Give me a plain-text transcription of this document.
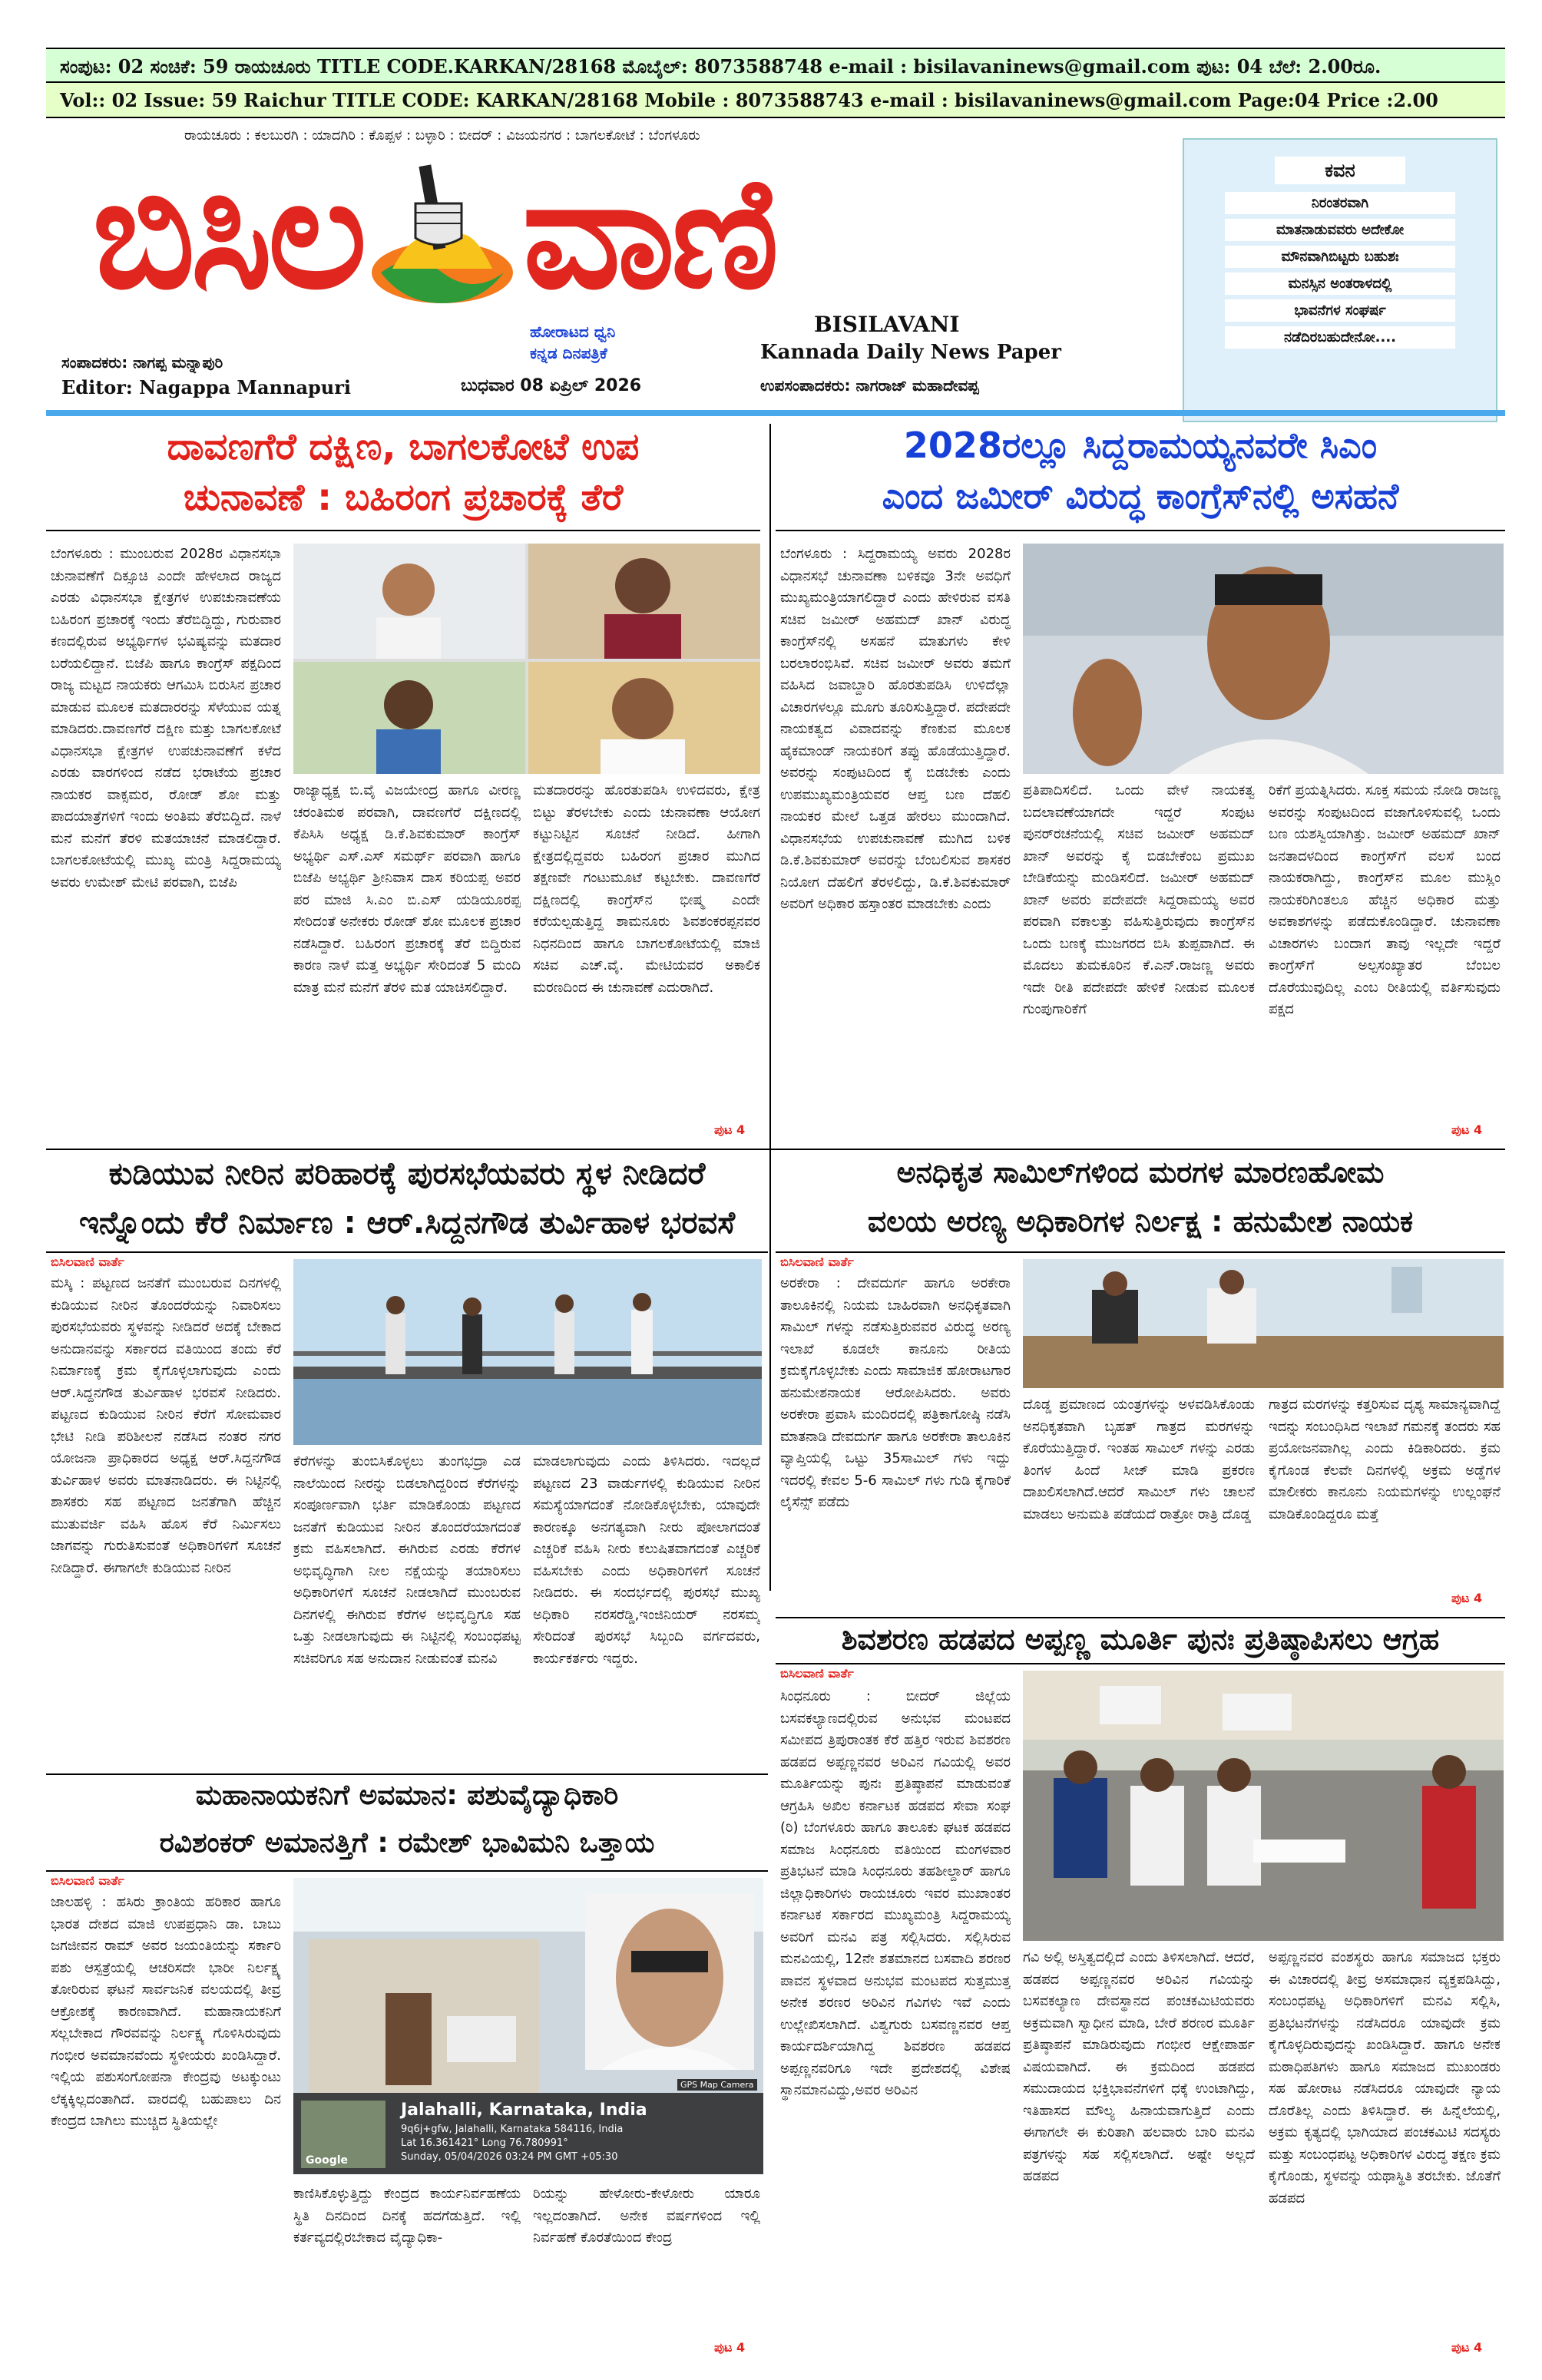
ಸಂಪುಟ: 02 ಸಂಚಿಕೆ: 59 ರಾಯಚೂರು TITLE CODE.KARKAN/28168 ಮೊಬೈಲ್: 8073588748 e-mail : bisilavaninews@gmail.com ಪುಟ: 04 ಬೆಲೆ: 2.00ರೂ.
Vol:: 02 Issue: 59 Raichur TITLE CODE: KARKAN/28168 Mobile : 8073588743 e-mail : bisilavaninews@gmail.com Page:04 Price :2.00
ರಾಯಚೂರು : ಕಲಬುರಗಿ : ಯಾದಗಿರಿ : ಕೊಪ್ಪಳ : ಬಳ್ಳಾರಿ : ಬೀದರ್ : ವಿಜಯನಗರ : ಬಾಗಲಕೋಟೆ : ಬೆಂಗಳೂರು
ಬಿಸಿಲ ವಾಣಿ
ಹೋರಾಟದ ಧ್ವನಿ
ಕನ್ನಡ ದಿನಪತ್ರಿಕೆ
BISILAVANI
Kannada Daily News Paper
ಸಂಪಾದಕರು: ನಾಗಪ್ಪ ಮನ್ನಾಪುರಿ
Editor: Nagappa Mannapuri	ಬುಧವಾರ 08 ಏಪ್ರಿಲ್ 2026	ಉಪಸಂಪಾದಕರು: ನಾಗರಾಜ್ ಮಹಾದೇವಪ್ಪ
ಕವನ
ನಿರಂತರವಾಗಿ
ಮಾತನಾಡುವವರು ಅದೇಕೋ
ಮೌನವಾಗಿಬಿಟ್ಟರು ಬಹುಶಃ
ಮನಸ್ಸಿನ ಅಂತರಾಳದಲ್ಲಿ
ಭಾವನೆಗಳ ಸಂಘರ್ಷ
ನಡೆದಿರಬಹುದೇನೋ....
ದಾವಣಗೆರೆ ದಕ್ಷಿಣ, ಬಾಗಲಕೋಟೆ ಉಪ
ಚುನಾವಣೆ : ಬಹಿರಂಗ ಪ್ರಚಾರಕ್ಕೆ ತೆರೆ
ಬೆಂಗಳೂರು : ಮುಂಬರುವ 2028ರ ವಿಧಾನಸಭಾ ಚುನಾವಣೆಗೆ ದಿಕ್ಸೂಚಿ ಎಂದೇ ಹೇಳಲಾದ ರಾಜ್ಯದ ಎರಡು ವಿಧಾನಸಭಾ ಕ್ಷೇತ್ರಗಳ ಉಪಚುನಾವಣೆಯ ಬಹಿರಂಗ ಪ್ರಚಾರಕ್ಕೆ ಇಂದು ತೆರೆಬಿದ್ದಿದ್ದು, ಗುರುವಾರ ಕಣದಲ್ಲಿರುವ ಅಭ್ಯರ್ಥಿಗಳ ಭವಿಷ್ಯವನ್ನು ಮತದಾರ ಬರೆಯಲಿದ್ದಾನೆ. ಬಿಜೆಪಿ ಹಾಗೂ ಕಾಂಗ್ರೆಸ್ ಪಕ್ಷದಿಂದ ರಾಜ್ಯ ಮಟ್ಟದ ನಾಯಕರು ಆಗಮಿಸಿ ಬಿರುಸಿನ ಪ್ರಚಾರ ಮಾಡುವ ಮೂಲಕ ಮತದಾರರನ್ನು ಸೆಳೆಯುವ ಯತ್ನ ಮಾಡಿದರು.ದಾವಣಗೆರೆ ದಕ್ಷಿಣ ಮತ್ತು ಬಾಗಲಕೋಟೆ ವಿಧಾನಸಭಾ ಕ್ಷೇತ್ರಗಳ ಉಪಚುನಾವಣೆಗೆ ಕಳೆದ ಎರಡು ವಾರಗಳಿಂದ ನಡೆದ ಭರಾಟೆಯ ಪ್ರಚಾರ ನಾಯಕರ ವಾಕ್ಸಮರ, ರೋಡ್ ಶೋ ಮತ್ತು ಪಾದಯಾತ್ರೆಗಳಿಗೆ ಇಂದು ಅಂತಿಮ ತೆರೆಬಿದ್ದಿದೆ. ನಾಳೆ ಮನೆ ಮನೆಗೆ ತೆರಳಿ ಮತಯಾಚನೆ ಮಾಡಲಿದ್ದಾರೆ. ಬಾಗಲಕೋಟೆಯಲ್ಲಿ ಮುಖ್ಯ ಮಂತ್ರಿ ಸಿದ್ದರಾಮಯ್ಯ ಅವರು ಉಮೇಶ್ ಮೇಟಿ ಪರವಾಗಿ, ಬಿಜೆಪಿ
ರಾಜ್ಯಾಧ್ಯಕ್ಷ ಬಿ.ವೈ ವಿಜಯೇಂದ್ರ ಹಾಗೂ ವೀರಣ್ಣ ಚರಂತಿಮಠ ಪರವಾಗಿ, ದಾವಣಗೆರೆ ದಕ್ಷಿಣದಲ್ಲಿ ಕೆಪಿಸಿಸಿ ಅಧ್ಯಕ್ಷ ಡಿ.ಕೆ.ಶಿವಕುಮಾರ್ ಕಾಂಗ್ರೆಸ್ ಅಭ್ಯರ್ಥಿ ಎಸ್.ಎಸ್ ಸಮರ್ಥ್ ಪರವಾಗಿ ಹಾಗೂ ಬಿಜೆಪಿ ಅಭ್ಯರ್ಥಿ ಶ್ರೀನಿವಾಸ ದಾಸ ಕರಿಯಪ್ಪ ಅವರ ಪರ ಮಾಜಿ ಸಿ.ಎಂ ಬಿ.ಎಸ್ ಯಡಿಯೂರಪ್ಪ ಸೇರಿದಂತೆ ಅನೇಕರು ರೋಡ್ ಶೋ ಮೂಲಕ ಪ್ರಚಾರ ನಡೆಸಿದ್ದಾರೆ. ಬಹಿರಂಗ ಪ್ರಚಾರಕ್ಕೆ ತೆರೆ ಬಿದ್ದಿರುವ ಕಾರಣ ನಾಳೆ ಮತ್ತ ಅಭ್ಯರ್ಥಿ ಸೇರಿದಂತೆ 5 ಮಂದಿ ಮಾತ್ರ ಮನೆ ಮನೆಗೆ ತೆರಳಿ ಮತ ಯಾಚಿಸಲಿದ್ದಾರೆ.
ಮತದಾರರನ್ನು ಹೊರತುಪಡಿಸಿ ಉಳಿದವರು, ಕ್ಷೇತ್ರ ಬಿಟ್ಟು ತೆರಳಬೇಕು ಎಂದು ಚುನಾವಣಾ ಆಯೋಗ ಕಟ್ಟುನಿಟ್ಟಿನ ಸೂಚನೆ ನೀಡಿದೆ. ಹೀಗಾಗಿ ಕ್ಷೇತ್ರದಲ್ಲಿದ್ದವರು ಬಹಿರಂಗ ಪ್ರಚಾರ ಮುಗಿದ ತಕ್ಷಣವೇ ಗಂಟುಮೂಟೆ ಕಟ್ಟಬೇಕು. ದಾವಣಗೆರೆ ದಕ್ಷಿಣದಲ್ಲಿ ಕಾಂಗ್ರೆಸ್‌ನ ಭೀಷ್ಮ ಎಂದೇ ಕರೆಯಲ್ಪಡುತ್ತಿದ್ದ ಶಾಮನೂರು ಶಿವಶಂಕರಪ್ಪನವರ ನಿಧನದಿಂದ ಹಾಗೂ ಬಾಗಲಕೋಟೆಯಲ್ಲಿ ಮಾಜಿ ಸಚಿವ ಎಚ್.ವೈ. ಮೇಟಿಯವರ ಅಕಾಲಿಕ ಮರಣದಿಂದ ಈ ಚುನಾವಣೆ ಎದುರಾಗಿದೆ.
ಪುಟ 4
2028ರಲ್ಲೂ ಸಿದ್ದರಾಮಯ್ಯನವರೇ ಸಿಎಂ
ಎಂದ ಜಮೀರ್ ವಿರುದ್ಧ ಕಾಂಗ್ರೆಸ್‌ನಲ್ಲಿ ಅಸಹನೆ
ಬೆಂಗಳೂರು : ಸಿದ್ದರಾಮಯ್ಯ ಅವರು 2028ರ ವಿಧಾನಸಭೆ ಚುನಾವಣಾ ಬಳಿಕವೂ 3ನೇ ಅವಧಿಗೆ ಮುಖ್ಯಮಂತ್ರಿಯಾಗಲಿದ್ದಾರೆ ಎಂದು ಹೇಳಿರುವ ವಸತಿ ಸಚಿವ ಜಮೀರ್ ಅಹಮದ್ ಖಾನ್ ವಿರುದ್ಧ ಕಾಂಗ್ರೆಸ್‌ನಲ್ಲಿ ಅಸಹನೆ ಮಾತುಗಳು ಕೇಳಿ ಬರಲಾರಂಭಿಸಿವೆ. ಸಚಿವ ಜಮೀರ್ ಅವರು ತಮಗೆ ವಹಿಸಿದ ಜವಾಬ್ದಾರಿ ಹೊರತುಪಡಿಸಿ ಉಳಿದೆಲ್ಲಾ ವಿಚಾರಗಳಲ್ಲೂ ಮೂಗು ತೂರಿಸುತ್ತಿದ್ದಾರೆ. ಪದೇಪದೇ ನಾಯಕತ್ವದ ವಿವಾದವನ್ನು ಕೆಣಕುವ ಮೂಲಕ ಹೈಕಮಾಂಡ್ ನಾಯಕರಿಗೆ ತಪ್ಪು ಹೊಡೆಯುತ್ತಿದ್ದಾರೆ. ಅವರನ್ನು ಸಂಪುಟದಿಂದ ಕೈ ಬಿಡಬೇಕು ಎಂದು ಉಪಮುಖ್ಯಮಂತ್ರಿಯವರ ಆಪ್ತ ಬಣ ದೆಹಲಿ ನಾಯಕರ ಮೇಲೆ ಒತ್ತಡ ಹೇರಲು ಮುಂದಾಗಿದೆ. ವಿಧಾನಸಭೆಯ ಉಪಚುನಾವಣೆ ಮುಗಿದ ಬಳಿಕ ಡಿ.ಕೆ.ಶಿವಕುಮಾರ್ ಅವರನ್ನು ಬೆಂಬಲಿಸುವ ಶಾಸಕರ ನಿಯೋಗ ದೆಹಲಿಗೆ ತೆರಳಲಿದ್ದು, ಡಿ.ಕೆ.ಶಿವಕುಮಾರ್ ಅವರಿಗೆ ಅಧಿಕಾರ ಹಸ್ತಾಂತರ ಮಾಡಬೇಕು ಎಂದು
ಪ್ರತಿಪಾದಿಸಲಿದೆ. ಒಂದು ವೇಳೆ ನಾಯಕತ್ವ ಬದಲಾವಣೆಯಾಗದೇ ಇದ್ದರೆ ಸಂಪುಟ ಪುನರ್‌ರಚನೆಯಲ್ಲಿ ಸಚಿವ ಜಮೀರ್ ಅಹಮದ್ ಖಾನ್ ಅವರನ್ನು ಕೈ ಬಿಡಬೇಕೆಂಬ ಪ್ರಮುಖ ಬೇಡಿಕೆಯನ್ನು ಮಂಡಿಸಲಿದೆ. ಜಮೀರ್ ಅಹಮದ್ ಖಾನ್ ಅವರು ಪದೇಪದೇ ಸಿದ್ದರಾಮಯ್ಯ ಅವರ ಪರವಾಗಿ ವಕಾಲತ್ತು ವಹಿಸುತ್ತಿರುವುದು ಕಾಂಗ್ರೆಸ್‌ನ ಒಂದು ಬಣಕ್ಕೆ ಮುಜಗರದ ಬಿಸಿ ತುಪ್ಪವಾಗಿದೆ. ಈ ಮೊದಲು ತುಮಕೂರಿನ ಕೆ.ಎನ್.ರಾಜಣ್ಣ ಅವರು ಇದೇ ರೀತಿ ಪದೇಪದೇ ಹೇಳಿಕೆ ನೀಡುವ ಮೂಲಕ ಗುಂಪುಗಾರಿಕೆಗೆ
ರಿಕೆಗೆ ಪ್ರಯತ್ನಿಸಿದರು. ಸೂಕ್ತ ಸಮಯ ನೋಡಿ ರಾಜಣ್ಣ ಅವರನ್ನು ಸಂಪುಟದಿಂದ ವಜಾಗೊಳಿಸುವಲ್ಲಿ ಒಂದು ಬಣ ಯಶಸ್ವಿಯಾಗಿತ್ತು. ಜಮೀರ್ ಅಹಮದ್ ಖಾನ್ ಜನತಾದಳದಿಂದ ಕಾಂಗ್ರೆಸ್‌ಗೆ ವಲಸೆ ಬಂದ ನಾಯಕರಾಗಿದ್ದು, ಕಾಂಗ್ರೆಸ್‌ನ ಮೂಲ ಮುಸ್ಲಿಂ ನಾಯಕರಿಗಿಂತಲೂ ಹೆಚ್ಚಿನ ಅಧಿಕಾರ ಮತ್ತು ಅವಕಾಶಗಳನ್ನು ಪಡೆದುಕೊಂಡಿದ್ದಾರೆ. ಚುನಾವಣಾ ವಿಚಾರಗಳು ಬಂದಾಗ ತಾವು ಇಲ್ಲದೇ ಇದ್ದರೆ ಕಾಂಗ್ರೆಸ್‌ಗೆ ಅಲ್ಪಸಂಖ್ಯಾತರ ಬೆಂಬಲ ದೊರೆಯುವುದಿಲ್ಲ ಎಂಬ ರೀತಿಯಲ್ಲಿ ವರ್ತಿಸುವುದು ಪಕ್ಷದ
ಪುಟ 4
ಕುಡಿಯುವ ನೀರಿನ ಪರಿಹಾರಕ್ಕೆ ಪುರಸಭೆಯವರು ಸ್ಥಳ ನೀಡಿದರೆ
ಇನ್ನೊಂದು ಕೆರೆ ನಿರ್ಮಾಣ : ಆರ್.ಸಿದ್ದನಗೌಡ ತುರ್ವಿಹಾಳ ಭರವಸೆ
ಬಿಸಿಲವಾಣಿ ವಾರ್ತೆ
ಮಸ್ಕಿ : ಪಟ್ಟಣದ ಜನತೆಗೆ ಮುಂಬರುವ ದಿನಗಳಲ್ಲಿ ಕುಡಿಯುವ ನೀರಿನ ತೊಂದರೆಯನ್ನು ನಿವಾರಿಸಲು ಪುರಸಭೆಯವರು ಸ್ಥಳವನ್ನು ನೀಡಿದರೆ ಅದಕ್ಕೆ ಬೇಕಾದ ಅನುದಾನವನ್ನು ಸರ್ಕಾರದ ವತಿಯಿಂದ ತಂದು ಕೆರೆ ನಿರ್ಮಾಣಕ್ಕೆ ಕ್ರಮ ಕೈಗೊಳ್ಳಲಾಗುವುದು ಎಂದು ಆರ್.ಸಿದ್ದನಗೌಡ ತುರ್ವಿಹಾಳ ಭರವಸೆ ನೀಡಿದರು. ಪಟ್ಟಣದ ಕುಡಿಯುವ ನೀರಿನ ಕೆರೆಗೆ ಸೋಮವಾರ ಭೇಟಿ ನೀಡಿ ಪರಿಶೀಲನೆ ನಡೆಸಿದ ನಂತರ ನಗರ ಯೋಜನಾ ಪ್ರಾಧಿಕಾರದ ಅಧ್ಯಕ್ಷ ಆರ್.ಸಿದ್ದನಗೌಡ ತುರ್ವಿಹಾಳ ಅವರು ಮಾತನಾಡಿದರು. ಈ ನಿಟ್ಟಿನಲ್ಲಿ ಶಾಸಕರು ಸಹ ಪಟ್ಟಣದ ಜನತೆಗಾಗಿ ಹೆಚ್ಚಿನ ಮುತುವರ್ಜಿ ವಹಿಸಿ ಹೊಸ ಕೆರೆ ನಿರ್ಮಿಸಲು ಜಾಗವನ್ನು ಗುರುತಿಸುವಂತೆ ಅಧಿಕಾರಿಗಳಿಗೆ ಸೂಚನೆ ನೀಡಿದ್ದಾರೆ. ಈಗಾಗಲೇ ಕುಡಿಯುವ ನೀರಿನ
ಕೆರೆಗಳನ್ನು ತುಂಬಿಸಿಕೊಳ್ಳಲು ತುಂಗಭದ್ರಾ ಎಡ ನಾಲೆಯಿಂದ ನೀರನ್ನು ಬಿಡಲಾಗಿದ್ದರಿಂದ ಕೆರೆಗಳನ್ನು ಸಂಪೂರ್ಣವಾಗಿ ಭರ್ತಿ ಮಾಡಿಕೊಂಡು ಪಟ್ಟಣದ ಜನತೆಗೆ ಕುಡಿಯುವ ನೀರಿನ ತೊಂದರೆಯಾಗದಂತೆ ಕ್ರಮ ವಹಿಸಲಾಗಿದೆ. ಈಗಿರುವ ಎರಡು ಕೆರೆಗಳ ಅಭಿವೃದ್ಧಿಗಾಗಿ ನೀಲ ನಕ್ಷೆಯನ್ನು ತಯಾರಿಸಲು ಅಧಿಕಾರಿಗಳಿಗೆ ಸೂಚನೆ ನೀಡಲಾಗಿದೆ ಮುಂಬರುವ ದಿನಗಳಲ್ಲಿ ಈಗಿರುವ ಕೆರೆಗಳ ಅಭಿವೃದ್ಧಿಗೂ ಸಹ ಒತ್ತು ನೀಡಲಾಗುವುದು ಈ ನಿಟ್ಟಿನಲ್ಲಿ ಸಂಬಂಧಪಟ್ಟ ಸಚಿವರಿಗೂ ಸಹ ಅನುದಾನ ನೀಡುವಂತೆ ಮನವಿ
ಮಾಡಲಾಗುವುದು ಎಂದು ತಿಳಿಸಿದರು. ಇದಲ್ಲದೆ ಪಟ್ಟಣದ 23 ವಾರ್ಡುಗಳಲ್ಲಿ ಕುಡಿಯುವ ನೀರಿನ ಸಮಸ್ಯೆಯಾಗದಂತೆ ನೋಡಿಕೊಳ್ಳಬೇಕು, ಯಾವುದೇ ಕಾರಣಕ್ಕೂ ಅನಗತ್ಯವಾಗಿ ನೀರು ಪೋಲಾಗದಂತೆ ಎಚ್ಚರಿಕೆ ವಹಿಸಿ ನೀರು ಕಲುಷಿತವಾಗದಂತೆ ಎಚ್ಚರಿಕೆ ವಹಿಸಬೇಕು ಎಂದು ಅಧಿಕಾರಿಗಳಿಗೆ ಸೂಚನೆ ನೀಡಿದರು. ಈ ಸಂದರ್ಭದಲ್ಲಿ ಪುರಸಭೆ ಮುಖ್ಯ ಅಧಿಕಾರಿ ನರಸರೆಡ್ಡಿ,ಇಂಜಿನಿಯರ್ ನರಸಮ್ಮ ಸೇರಿದಂತೆ ಪುರಸಭೆ ಸಿಬ್ಬಂದಿ ವರ್ಗದವರು, ಕಾರ್ಯಕರ್ತರು ಇದ್ದರು.
ಅನಧಿಕೃತ ಸಾಮಿಲ್‌ಗಳಿಂದ ಮರಗಳ ಮಾರಣಹೋಮ
ವಲಯ ಅರಣ್ಯ ಅಧಿಕಾರಿಗಳ ನಿರ್ಲಕ್ಷ : ಹನುಮೇಶ ನಾಯಕ
ಬಿಸಿಲವಾಣಿ ವಾರ್ತೆ
ಅರಕೇರಾ : ದೇವದುರ್ಗ ಹಾಗೂ ಅರಕೇರಾ ತಾಲೂಕಿನಲ್ಲಿ ನಿಯಮ ಬಾಹಿರವಾಗಿ ಅನಧಿಕೃತವಾಗಿ ಸಾಮಿಲ್ ಗಳನ್ನು ನಡೆಸುತ್ತಿರುವವರ ವಿರುದ್ಧ ಅರಣ್ಯ ಇಲಾಖೆ ಕೂಡಲೇ ಕಾನೂನು ರೀತಿಯ ಕ್ರಮಕೈಗೊಳ್ಳಬೇಕು ಎಂದು ಸಾಮಾಜಿಕ ಹೋರಾಟಗಾರ ಹನುಮೇಶನಾಯಕ ಆರೋಪಿಸಿದರು. ಅವರು ಅರಕೇರಾ ಪ್ರವಾಸಿ ಮಂದಿರದಲ್ಲಿ ಪತ್ರಿಕಾಗೋಷ್ಠಿ ನಡೆಸಿ ಮಾತನಾಡಿ ದೇವದುರ್ಗ ಹಾಗೂ ಅರಕೇರಾ ತಾಲೂಕಿನ ವ್ಯಾಪ್ತಿಯಲ್ಲಿ ಒಟ್ಟು 35ಸಾಮಿಲ್ ಗಳು ಇದ್ದು ಇದರಲ್ಲಿ ಕೇವಲ 5-6 ಸಾಮಿಲ್ ಗಳು ಗುಡಿ ಕೈಗಾರಿಕೆ ಲೈಸೆನ್ಸ್ ಪಡೆದು
ದೊಡ್ಡ ಪ್ರಮಾಣದ ಯಂತ್ರಗಳನ್ನು ಅಳವಡಿಸಿಕೊಂಡು ಅನಧಿಕೃತವಾಗಿ ಬೃಹತ್ ಗಾತ್ರದ ಮರಗಳನ್ನು ಕೊರೆಯುತ್ತಿದ್ದಾರೆ. ಇಂತಹ ಸಾಮಿಲ್ ಗಳನ್ನು ಎರಡು ತಿಂಗಳ ಹಿಂದೆ ಸೀಜ್ ಮಾಡಿ ಪ್ರಕರಣ ದಾಖಲಿಸಲಾಗಿದೆ.ಆದರೆ ಸಾಮಿಲ್ ಗಳು ಚಾಲನೆ ಮಾಡಲು ಅನುಮತಿ ಪಡೆಯದೆ ರಾತ್ರೋ ರಾತ್ರಿ ದೊಡ್ಡ
ಗಾತ್ರದ ಮರಗಳನ್ನು ಕತ್ತರಿಸುವ ದೃಶ್ಯ ಸಾಮಾನ್ಯವಾಗಿದ್ದೆ ಇದನ್ನು ಸಂಬಂಧಿಸಿದ ಇಲಾಖೆ ಗಮನಕ್ಕೆ ತಂದರು ಸಹ ಪ್ರಯೋಜನವಾಗಿಲ್ಲ ಎಂದು ಕಿಡಿಕಾರಿದರು. ಕ್ರಮ ಕೈಗೊಂಡ ಕೆಲವೇ ದಿನಗಳಲ್ಲಿ ಅಕ್ರಮ ಅಡ್ಡೆಗಳ ಮಾಲೀಕರು ಕಾನೂನು ನಿಯಮಗಳನ್ನು ಉಲ್ಲಂಘನೆ ಮಾಡಿಕೊಂಡಿದ್ದರೂ ಮತ್ತೆ
ಪುಟ 4
ಶಿವಶರಣ ಹಡಪದ ಅಪ್ಪಣ್ಣ ಮೂರ್ತಿ ಪುನಃ ಪ್ರತಿಷ್ಠಾಪಿಸಲು ಆಗ್ರಹ
ಬಿಸಿಲವಾಣಿ ವಾರ್ತೆ
ಸಿಂಧನೂರು : ಬೀದರ್ ಜಿಲ್ಲೆಯ ಬಸವಕಲ್ಯಾಣದಲ್ಲಿರುವ ಅನುಭವ ಮಂಟಪದ ಸಮೀಪದ ತ್ರಿಪುರಾಂತಕ ಕೆರೆ ಹತ್ತಿರ ಇರುವ ಶಿವಶರಣ ಹಡಪದ ಅಪ್ಪಣ್ಣನವರ ಅರಿವಿನ ಗವಿಯಲ್ಲಿ ಅವರ ಮೂರ್ತಿಯನ್ನು ಪುನಃ ಪ್ರತಿಷ್ಠಾಪನೆ ಮಾಡುವಂತೆ ಆಗ್ರಹಿಸಿ ಅಖಿಲ ಕರ್ನಾಟಕ ಹಡಪದ ಸೇವಾ ಸಂಘ (ರಿ) ಬೆಂಗಳೂರು ಹಾಗೂ ತಾಲೂಕು ಘಟಕ ಹಡಪದ ಸಮಾಜ ಸಿಂಧನೂರು ವತಿಯಿಂದ ಮಂಗಳವಾರ ಪ್ರತಿಭಟನೆ ಮಾಡಿ ಸಿಂಧನೂರು ತಹಶೀಲ್ದಾರ್ ಹಾಗೂ ಜಿಲ್ಲಾಧಿಕಾರಿಗಳು ರಾಯಚೂರು ಇವರ ಮುಖಾಂತರ ಕರ್ನಾಟಕ ಸರ್ಕಾರದ ಮುಖ್ಯಮಂತ್ರಿ ಸಿದ್ದರಾಮಯ್ಯ ಅವರಿಗೆ ಮನವಿ ಪತ್ರ ಸಲ್ಲಿಸಿದರು. ಸಲ್ಲಿಸಿರುವ ಮನವಿಯಲ್ಲಿ, 12ನೇ ಶತಮಾನದ ಬಸವಾದಿ ಶರಣರ ಪಾವನ ಸ್ಥಳವಾದ ಅನುಭವ ಮಂಟಪದ ಸುತ್ತಮುತ್ತ ಅನೇಕ ಶರಣರ ಅರಿವಿನ ಗವಿಗಳು ಇವೆ ಎಂದು ಉಲ್ಲೇಖಿಸಲಾಗಿದೆ. ವಿಶ್ವಗುರು ಬಸವಣ್ಣನವರ ಆಪ್ತ ಕಾರ್ಯದರ್ಶಿಯಾಗಿದ್ದ ಶಿವಶರಣ ಹಡಪದ ಅಪ್ಪಣ್ಣನವರಿಗೂ ಇದೇ ಪ್ರದೇಶದಲ್ಲಿ ವಿಶೇಷ ಸ್ಥಾನಮಾನವಿದ್ದು,ಅವರ ಅರಿವಿನ
ಗವಿ ಅಲ್ಲಿ ಅಸ್ತಿತ್ವದಲ್ಲಿದೆ ಎಂದು ತಿಳಿಸಲಾಗಿದೆ. ಆದರೆ, ಹಡಪದ ಅಪ್ಪಣ್ಣನವರ ಅರಿವಿನ ಗವಿಯನ್ನು ಬಸವಕಲ್ಯಾಣ ದೇವಸ್ಥಾನದ ಪಂಚಕಮಿಟಿಯವರು ಅಕ್ರಮವಾಗಿ ಸ್ವಾಧೀನ ಮಾಡಿ, ಬೇರೆ ಶರಣರ ಮೂರ್ತಿ ಪ್ರತಿಷ್ಠಾಪನೆ ಮಾಡಿರುವುದು ಗಂಭೀರ ಆಕ್ಷೇಪಾರ್ಹ ವಿಷಯವಾಗಿದೆ. ಈ ಕ್ರಮದಿಂದ ಹಡಪದ ಸಮುದಾಯದ ಭಕ್ತಿಭಾವನೆಗಳಿಗೆ ಧಕ್ಕೆ ಉಂಟಾಗಿದ್ದು, ಇತಿಹಾಸದ ಮೌಲ್ಯ ಹಿನಾಯವಾಗುತ್ತಿದೆ ಎಂದು ಈಗಾಗಲೇ ಈ ಕುರಿತಾಗಿ ಹಲವಾರು ಬಾರಿ ಮನವಿ ಪತ್ರಗಳನ್ನು ಸಹ ಸಲ್ಲಿಸಲಾಗಿದೆ. ಅಷ್ಟೇ ಅಲ್ಲದೆ ಹಡಪದ
ಅಪ್ಪಣ್ಣನವರ ವಂಶಸ್ಥರು ಹಾಗೂ ಸಮಾಜದ ಭಕ್ತರು ಈ ವಿಚಾರದಲ್ಲಿ ತೀವ್ರ ಅಸಮಾಧಾನ ವ್ಯಕ್ತಪಡಿಸಿದ್ದು, ಸಂಬಂಧಪಟ್ಟ ಅಧಿಕಾರಿಗಳಿಗೆ ಮನವಿ ಸಲ್ಲಿಸಿ, ಪ್ರತಿಭಟನೆಗಳನ್ನು ನಡೆಸಿದರೂ ಯಾವುದೇ ಕ್ರಮ ಕೈಗೊಳ್ಳದಿರುವುದನ್ನು ಖಂಡಿಸಿದ್ದಾರೆ. ಹಾಗೂ ಅನೇಕ ಮಠಾಧಿಪತಿಗಳು ಹಾಗೂ ಸಮಾಜದ ಮುಖಂಡರು ಸಹ ಹೋರಾಟ ನಡೆಸಿದರೂ ಯಾವುದೇ ನ್ಯಾಯ ದೊರೆತಿಲ್ಲ ಎಂದು ತಿಳಿಸಿದ್ದಾರೆ. ಈ ಹಿನ್ನೆಲೆಯಲ್ಲಿ, ಅಕ್ರಮ ಕೃತ್ಯದಲ್ಲಿ ಭಾಗಿಯಾದ ಪಂಚಕಮಿಟಿ ಸದಸ್ಯರು ಮತ್ತು ಸಂಬಂಧಪಟ್ಟ ಅಧಿಕಾರಿಗಳ ವಿರುದ್ಧ ತಕ್ಷಣ ಕ್ರಮ ಕೈಗೊಂಡು, ಸ್ಥಳವನ್ನು ಯಥಾಸ್ಥಿತಿ ತರಬೇಕು. ಜೊತೆಗೆ ಹಡಪದ
ಪುಟ 4
ಮಹಾನಾಯಕನಿಗೆ ಅವಮಾನ: ಪಶುವೈದ್ಯಾಧಿಕಾರಿ
ರವಿಶಂಕರ್ ಅಮಾನತ್ತಿಗೆ : ರಮೇಶ್ ಭಾವಿಮನಿ ಒತ್ತಾಯ
ಬಿಸಿಲವಾಣಿ ವಾರ್ತೆ
ಜಾಲಹಳ್ಳಿ : ಹಸಿರು ಕ್ರಾಂತಿಯ ಹರಿಕಾರ ಹಾಗೂ ಭಾರತ ದೇಶದ ಮಾಜಿ ಉಪಪ್ರಧಾನಿ ಡಾ. ಬಾಬು ಜಗಜೀವನ ರಾಮ್ ಅವರ ಜಯಂತಿಯನ್ನು ಸರ್ಕಾರಿ ಪಶು ಆಸ್ಪತ್ರೆಯಲ್ಲಿ ಆಚರಿಸದೇ ಭಾರೀ ನಿರ್ಲಕ್ಷ್ಯ ತೋರಿರುವ ಘಟನೆ ಸಾರ್ವಜನಿಕ ವಲಯದಲ್ಲಿ ತೀವ್ರ ಆಕ್ರೋಶಕ್ಕೆ ಕಾರಣವಾಗಿದೆ. ಮಹಾನಾಯಕನಿಗೆ ಸಲ್ಲಬೇಕಾದ ಗೌರವವನ್ನು ನಿರ್ಲಕ್ಷ್ಯ ಗೊಳಿಸಿರುವುದು ಗಂಭೀರ ಅವಮಾನವೆಂದು ಸ್ಥಳೀಯರು ಖಂಡಿಸಿದ್ದಾರೆ. ಇಲ್ಲಿಯ ಪಶುಸಂಗೋಪನಾ ಕೇಂದ್ರವು ಅಟಕ್ಕುಂಟು ಲೆಕ್ಕಕ್ಕಿಲ್ಲದಂತಾಗಿದೆ. ವಾರದಲ್ಲಿ ಬಹುಪಾಲು ದಿನ ಕೇಂದ್ರದ ಬಾಗಿಲು ಮುಚ್ಚಿದ ಸ್ಥಿತಿಯಲ್ಲೇ
Jalahalli, Karnataka, India
9q6j+gfw, Jalahalli, Karnataka 584116, India
Lat 16.361421° Long 76.780991°
Sunday, 05/04/2026 03:24 PM GMT +05:30
GPS Map Camera
Google
ಕಾಣಿಸಿಕೊಳ್ಳುತ್ತಿದ್ದು ಕೇಂದ್ರದ ಕಾರ್ಯನಿರ್ವಹಣೆಯ ಸ್ಥಿತಿ ದಿನದಿಂದ ದಿನಕ್ಕೆ ಹದಗೆಡುತ್ತಿದೆ. ಇಲ್ಲಿ ಕರ್ತವ್ಯದಲ್ಲಿರಬೇಕಾದ ವೈದ್ಯಾಧಿಕಾ-
ರಿಯನ್ನು ಹೇಳೋರು-ಕೇಳೋರು ಯಾರೂ ಇಲ್ಲದಂತಾಗಿದೆ. ಅನೇಕ ವರ್ಷಗಳಿಂದ ಇಲ್ಲಿ ನಿರ್ವಹಣೆ ಕೊರತೆಯಿಂದ ಕೇಂದ್ರ
ಪುಟ 4
